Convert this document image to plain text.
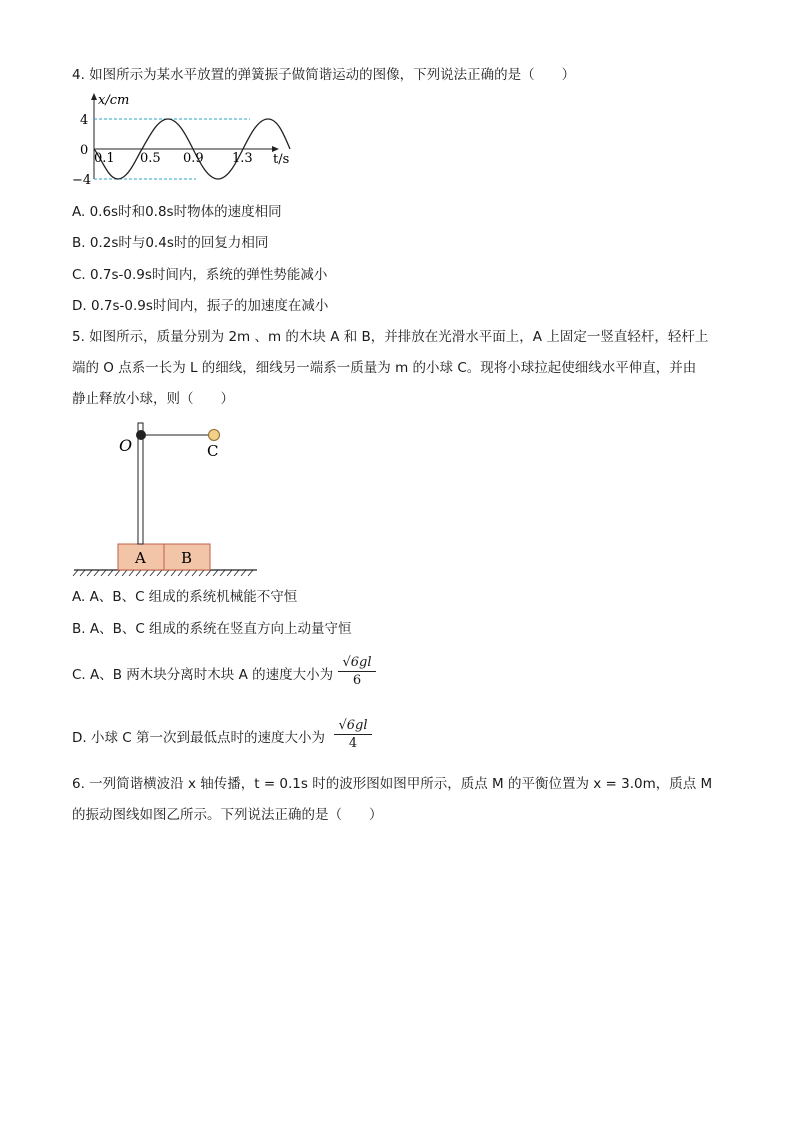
4. 如图所示为某水平放置的弹簧振子做简谐运动的图像，下列说法正确的是（　　）
x/cm
4
0
−4
0.1 0.5 0.9 1.3 t/s
A. 0.6s时和0.8s时物体的速度相同
B. 0.2s时与0.4s时的回复力相同
C. 0.7s-0.9s时间内，系统的弹性势能减小
D. 0.7s-0.9s时间内，振子的加速度在减小
5. 如图所示，质量分别为 2m 、m 的木块 A 和 B，并排放在光滑水平面上，A 上固定一竖直轻杆，轻杆上
端的 O 点系一长为 L 的细线，细线另一端系一质量为 m 的小球 C。现将小球拉起使细线水平伸直，并由
静止释放小球，则（　　）
A B
O	C
A. A、B、C 组成的系统机械能不守恒
B. A、B、C 组成的系统在竖直方向上动量守恒
C. A、B 两木块分离时木块 A 的速度大小为 $\frac{√6gl}{6}$
D. 小球 C 第一次到最低点时的速度大小为 $\frac{√6gl}{4}$
6. 一列简谐横波沿 x 轴传播，t = 0.1s 时的波形图如图甲所示，质点 M 的平衡位置为 x = 3.0m，质点 M
的振动图线如图乙所示。下列说法正确的是（　　）
